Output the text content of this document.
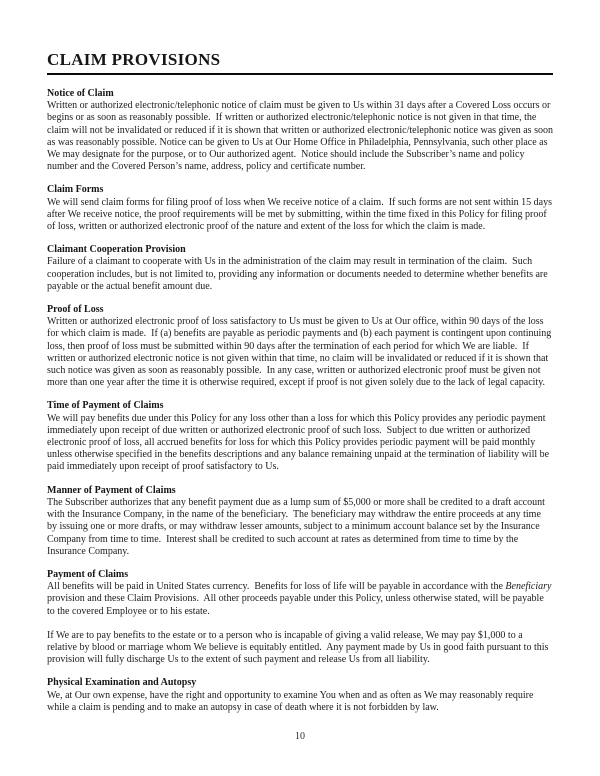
CLAIM PROVISIONS
Notice of Claim

Written or authorized electronic/telephonic notice of claim must be given to Us within 31 days after a Covered Loss occurs or begins or as soon as reasonably possible.  If written or authorized electronic/telephonic notice is not given in that time, the claim will not be invalidated or reduced if it is shown that written or authorized electronic/telephonic notice was given as soon as was reasonably possible. Notice can be given to Us at Our Home Office in Philadelphia, Pennsylvania, such other place as We may designate for the purpose, or to Our authorized agent.  Notice should include the Subscriber’s name and policy number and the Covered Person’s name, address, policy and certificate number.

Claim Forms

We will send claim forms for filing proof of loss when We receive notice of a claim.  If such forms are not sent within 15 days after We receive notice, the proof requirements will be met by submitting, within the time fixed in this Policy for filing proof of loss, written or authorized electronic proof of the nature and extent of the loss for which the claim is made.

Claimant Cooperation Provision

Failure of a claimant to cooperate with Us in the administration of the claim may result in termination of the claim.  Such cooperation includes, but is not limited to, providing any information or documents needed to determine whether benefits are payable or the actual benefit amount due.

Proof of Loss

Written or authorized electronic proof of loss satisfactory to Us must be given to Us at Our office, within 90 days of the loss for which claim is made.  If (a) benefits are payable as periodic payments and (b) each payment is contingent upon continuing loss, then proof of loss must be submitted within 90 days after the termination of each period for which We are liable.  If written or authorized electronic notice is not given within that time, no claim will be invalidated or reduced if it is shown that such notice was given as soon as reasonably possible.  In any case, written or authorized electronic proof must be given not more than one year after the time it is otherwise required, except if proof is not given solely due to the lack of legal capacity.

Time of Payment of Claims

We will pay benefits due under this Policy for any loss other than a loss for which this Policy provides any periodic payment immediately upon receipt of due written or authorized electronic proof of such loss.  Subject to due written or authorized electronic proof of loss, all accrued benefits for loss for which this Policy provides periodic payment will be paid monthly unless otherwise specified in the benefits descriptions and any balance remaining unpaid at the termination of liability will be paid immediately upon receipt of proof satisfactory to Us.

Manner of Payment of Claims

The Subscriber authorizes that any benefit payment due as a lump sum of $5,000 or more shall be credited to a draft account with the Insurance Company, in the name of the beneficiary.  The beneficiary may withdraw the entire proceeds at any time by issuing one or more drafts, or may withdraw lesser amounts, subject to a minimum account balance set by the Insurance Company from time to time.  Interest shall be credited to such account at rates as determined from time to time by the Insurance Company.

Payment of Claims

All benefits will be paid in United States currency.  Benefits for loss of life will be payable in accordance with the Beneficiary provision and these Claim Provisions.  All other proceeds payable under this Policy, unless otherwise stated, will be payable to the covered Employee or to his estate.

If We are to pay benefits to the estate or to a person who is incapable of giving a valid release, We may pay $1,000 to a relative by blood or marriage whom We believe is equitably entitled.  Any payment made by Us in good faith pursuant to this provision will fully discharge Us to the extent of such payment and release Us from all liability.

Physical Examination and Autopsy

We, at Our own expense, have the right and opportunity to examine You when and as often as We may reasonably require while a claim is pending and to make an autopsy in case of death where it is not forbidden by law.

10
